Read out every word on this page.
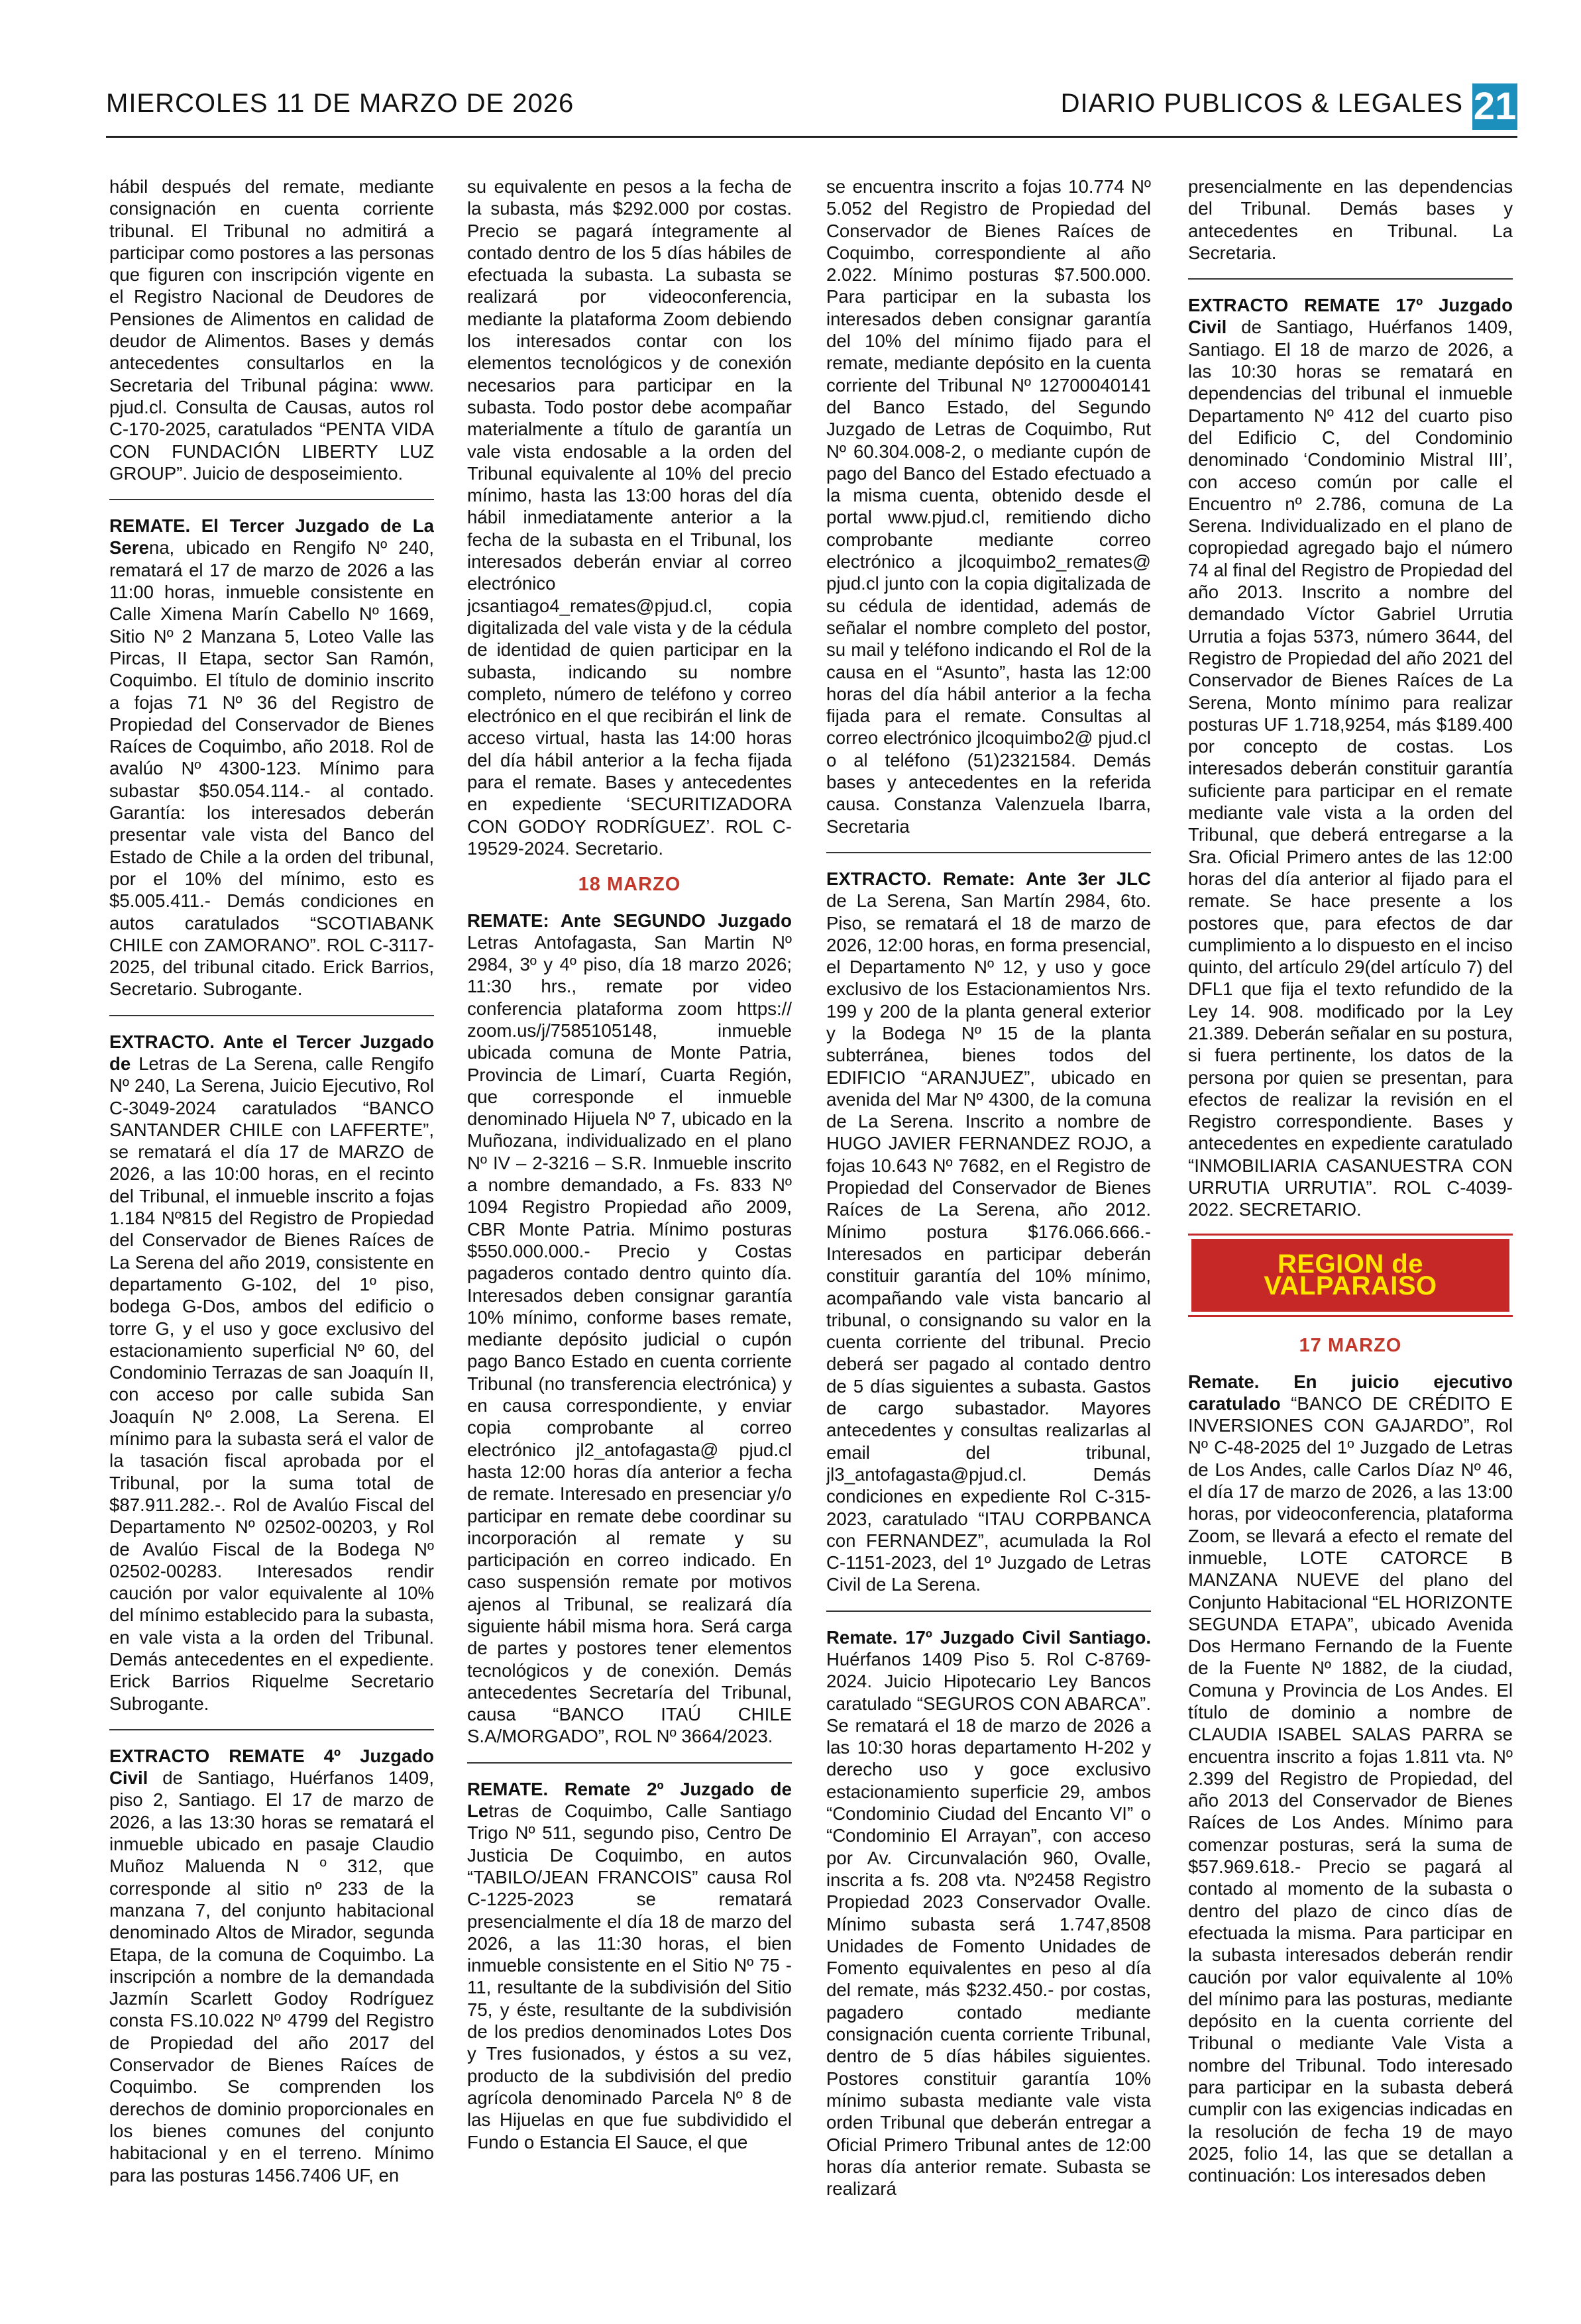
MIERCOLES 11 DE MARZO DE 2026	DIARIO PUBLICOS & LEGALES 21

hábil después del remate, mediante consignación en cuenta corriente tribunal. El Tribunal no admitirá a participar como postores a las personas que figuren con inscripción vigente en el Registro Nacional de Deudores de Pensiones de Alimentos en calidad de deudor de Alimentos. Bases y demás antecedentes consultarlos en la Secretaria del Tribunal página: www. pjud.cl. Consulta de Causas, autos rol C-170-2025, caratulados “PENTA VIDA CON FUNDACIÓN LIBERTY LUZ GROUP”. Juicio de desposeimiento.

REMATE. El Tercer Juzgado de La Serena, ubicado en Rengifo Nº 240, rematará el 17 de marzo de 2026 a las 11:00 horas, inmueble consistente en Calle Ximena Marín Cabello Nº 1669, Sitio Nº 2 Manzana 5, Loteo Valle las Pircas, II Etapa, sector San Ramón, Coquimbo. El título de dominio inscrito a fojas 71 Nº 36 del Registro de Propiedad del Conservador de Bienes Raíces de Coquimbo, año 2018. Rol de avalúo Nº 4300-123. Mínimo para subastar $50.054.114.- al contado. Garantía: los interesados deberán presentar vale vista del Banco del Estado de Chile a la orden del tribunal, por el 10% del mínimo, esto es $5.005.411.- Demás condiciones en autos caratulados “SCOTIABANK CHILE con ZAMORANO”. ROL C-3117-2025, del tribunal citado. Erick Barrios, Secretario. Subrogante.

EXTRACTO. Ante el Tercer Juzgado de Letras de La Serena, calle Rengifo Nº 240, La Serena, Juicio Ejecutivo, Rol C-3049-2024 caratulados “BANCO SANTANDER CHILE con LAFFERTE”, se rematará el día 17 de MARZO de 2026, a las 10:00 horas, en el recinto del Tribunal, el inmueble inscrito a fojas 1.184 Nº815 del Registro de Propiedad del Conservador de Bienes Raíces de La Serena del año 2019, consistente en departamento G-102, del 1º piso, bodega G-Dos, ambos del edificio o torre G, y el uso y goce exclusivo del estacionamiento superficial Nº 60, del Condominio Terrazas de san Joaquín II, con acceso por calle subida San Joaquín Nº 2.008, La Serena. El mínimo para la subasta será el valor de la tasación fiscal aprobada por el Tribunal, por la suma total de $87.911.282.-. Rol de Avalúo Fiscal del Departamento Nº 02502-00203, y Rol de Avalúo Fiscal de la Bodega Nº 02502-00283. Interesados rendir caución por valor equivalente al 10% del mínimo establecido para la subasta, en vale vista a la orden del Tribunal. Demás antecedentes en el expediente. Erick Barrios Riquelme Secretario Subrogante.

EXTRACTO REMATE 4º Juzgado Civil de Santiago, Huérfanos 1409, piso 2, Santiago. El 17 de marzo de 2026, a las 13:30 horas se rematará el inmueble ubicado en pasaje Claudio Muñoz Maluenda N º 312, que corresponde al sitio nº 233 de la manzana 7, del conjunto habitacional denominado Altos de Mirador, segunda Etapa, de la comuna de Coquimbo. La inscripción a nombre de la demandada Jazmín Scarlett Godoy Rodríguez consta FS.10.022 Nº 4799 del Registro de Propiedad del año 2017 del Conservador de Bienes Raíces de Coquimbo. Se comprenden los derechos de dominio proporcionales en los bienes comunes del conjunto habitacional y en el terreno. Mínimo para las posturas 1456.7406 UF, en

su equivalente en pesos a la fecha de la subasta, más $292.000 por costas. Precio se pagará íntegramente al contado dentro de los 5 días hábiles de efectuada la subasta. La subasta se realizará por videoconferencia, mediante la plataforma Zoom debiendo los interesados contar con los elementos tecnológicos y de conexión necesarios para participar en la subasta. Todo postor debe acompañar materialmente a título de garantía un vale vista endosable a la orden del Tribunal equivalente al 10% del precio mínimo, hasta las 13:00 horas del día hábil inmediatamente anterior a la fecha de la subasta en el Tribunal, los interesados deberán enviar al correo electrónico jcsantiago4_remates@pjud.cl, copia digitalizada del vale vista y de la cédula de identidad de quien participar en la subasta, indicando su nombre completo, número de teléfono y correo electrónico en el que recibirán el link de acceso virtual, hasta las 14:00 horas del día hábil anterior a la fecha fijada para el remate. Bases y antecedentes en expediente ‘SECURITIZADORA CON GODOY RODRÍGUEZ’. ROL C-19529-2024. Secretario.

18 MARZO

REMATE: Ante SEGUNDO Juzgado Letras Antofagasta, San Martin Nº 2984, 3º y 4º piso, día 18 marzo 2026; 11:30 hrs., remate por video conferencia plataforma zoom https:// zoom.us/j/7585105148, inmueble ubicada comuna de Monte Patria, Provincia de Limarí, Cuarta Región, que corresponde el inmueble denominado Hijuela Nº 7, ubicado en la Muñozana, individualizado en el plano Nº IV – 2-3216 – S.R. Inmueble inscrito a nombre demandado, a Fs. 833 Nº 1094 Registro Propiedad año 2009, CBR Monte Patria. Mínimo posturas $550.000.000.- Precio y Costas pagaderos contado dentro quinto día. Interesados deben consignar garantía 10% mínimo, conforme bases remate, mediante depósito judicial o cupón pago Banco Estado en cuenta corriente Tribunal (no transferencia electrónica) y en causa correspondiente, y enviar copia comprobante al correo electrónico jl2_antofagasta@ pjud.cl hasta 12:00 horas día anterior a fecha de remate. Interesado en presenciar y/o participar en remate debe coordinar su incorporación al remate y su participación en correo indicado. En caso suspensión remate por motivos ajenos al Tribunal, se realizará día siguiente hábil misma hora. Será carga de partes y postores tener elementos tecnológicos y de conexión. Demás antecedentes Secretaría del Tribunal, causa “BANCO ITAÚ CHILE S.A/MORGADO”, ROL Nº 3664/2023.

REMATE. Remate 2º Juzgado de Letras de Coquimbo, Calle Santiago Trigo Nº 511, segundo piso, Centro De Justicia De Coquimbo, en autos “TABILO/JEAN FRANCOIS” causa Rol C-1225-2023 se rematará presencialmente el día 18 de marzo del 2026, a las 11:30 horas, el bien inmueble consistente en el Sitio Nº 75 - 11, resultante de la subdivisión del Sitio 75, y éste, resultante de la subdivisión de los predios denominados Lotes Dos y Tres fusionados, y éstos a su vez, producto de la subdivisión del predio agrícola denominado Parcela Nº 8 de las Hijuelas en que fue subdividido el Fundo o Estancia El Sauce, el que

se encuentra inscrito a fojas 10.774 Nº 5.052 del Registro de Propiedad del Conservador de Bienes Raíces de Coquimbo, correspondiente al año 2.022. Mínimo posturas $7.500.000. Para participar en la subasta los interesados deben consignar garantía del 10% del mínimo fijado para el remate, mediante depósito en la cuenta corriente del Tribunal Nº 12700040141 del Banco Estado, del Segundo Juzgado de Letras de Coquimbo, Rut Nº 60.304.008-2, o mediante cupón de pago del Banco del Estado efectuado a la misma cuenta, obtenido desde el portal www.pjud.cl, remitiendo dicho comprobante mediante correo electrónico a jlcoquimbo2_remates@ pjud.cl junto con la copia digitalizada de su cédula de identidad, además de señalar el nombre completo del postor, su mail y teléfono indicando el Rol de la causa en el “Asunto”, hasta las 12:00 horas del día hábil anterior a la fecha fijada para el remate. Consultas al correo electrónico jlcoquimbo2@ pjud.cl o al teléfono (51)2321584. Demás bases y antecedentes en la referida causa. Constanza Valenzuela Ibarra, Secretaria

EXTRACTO. Remate: Ante 3er JLC de La Serena, San Martín 2984, 6to. Piso, se rematará el 18 de marzo de 2026, 12:00 horas, en forma presencial, el Departamento Nº 12, y uso y goce exclusivo de los Estacionamientos Nrs. 199 y 200 de la planta general exterior y la Bodega Nº 15 de la planta subterránea, bienes todos del EDIFICIO “ARANJUEZ”, ubicado en avenida del Mar Nº 4300, de la comuna de La Serena. Inscrito a nombre de HUGO JAVIER FERNANDEZ ROJO, a fojas 10.643 Nº 7682, en el Registro de Propiedad del Conservador de Bienes Raíces de La Serena, año 2012. Mínimo postura $176.066.666.- Interesados en participar deberán constituir garantía del 10% mínimo, acompañando vale vista bancario al tribunal, o consignando su valor en la cuenta corriente del tribunal. Precio deberá ser pagado al contado dentro de 5 días siguientes a subasta. Gastos de cargo subastador. Mayores antecedentes y consultas realizarlas al email del tribunal, jl3_antofagasta@pjud.cl. Demás condiciones en expediente Rol C-315-2023, caratulado “ITAU CORPBANCA con FERNANDEZ”, acumulada la Rol C-1151-2023, del 1º Juzgado de Letras Civil de La Serena.

Remate. 17º Juzgado Civil Santiago. Huérfanos 1409 Piso 5. Rol C-8769-2024. Juicio Hipotecario Ley Bancos caratulado “SEGUROS CON ABARCA”. Se rematará el 18 de marzo de 2026 a las 10:30 horas departamento H-202 y derecho uso y goce exclusivo estacionamiento superficie 29, ambos “Condominio Ciudad del Encanto VI” o “Condominio El Arrayan”, con acceso por Av. Circunvalación 960, Ovalle, inscrita a fs. 208 vta. Nº2458 Registro Propiedad 2023 Conservador Ovalle. Mínimo subasta será 1.747,8508 Unidades de Fomento Unidades de Fomento equivalentes en peso al día del remate, más $232.450.- por costas, pagadero contado mediante consignación cuenta corriente Tribunal, dentro de 5 días hábiles siguientes. Postores constituir garantía 10% mínimo subasta mediante vale vista orden Tribunal que deberán entregar a Oficial Primero Tribunal antes de 12:00 horas día anterior remate. Subasta se realizará

presencialmente en las dependencias del Tribunal. Demás bases y antecedentes en Tribunal. La Secretaria.

EXTRACTO REMATE 17º Juzgado Civil de Santiago, Huérfanos 1409, Santiago. El 18 de marzo de 2026, a las 10:30 horas se rematará en dependencias del tribunal el inmueble Departamento Nº 412 del cuarto piso del Edificio C, del Condominio denominado ‘Condominio Mistral III’, con acceso común por calle el Encuentro nº 2.786, comuna de La Serena. Individualizado en el plano de copropiedad agregado bajo el número 74 al final del Registro de Propiedad del año 2013. Inscrito a nombre del demandado Víctor Gabriel Urrutia Urrutia a fojas 5373, número 3644, del Registro de Propiedad del año 2021 del Conservador de Bienes Raíces de La Serena, Monto mínimo para realizar posturas UF 1.718,9254, más $189.400 por concepto de costas. Los interesados deberán constituir garantía suficiente para participar en el remate mediante vale vista a la orden del Tribunal, que deberá entregarse a la Sra. Oficial Primero antes de las 12:00 horas del día anterior al fijado para el remate. Se hace presente a los postores que, para efectos de dar cumplimiento a lo dispuesto en el inciso quinto, del artículo 29(del artículo 7) del DFL1 que fija el texto refundido de la Ley 14. 908. modificado por la Ley 21.389. Deberán señalar en su postura, si fuera pertinente, los datos de la persona por quien se presentan, para efectos de realizar la revisión en el Registro correspondiente. Bases y antecedentes en expediente caratulado “INMOBILIARIA CASANUESTRA CON URRUTIA URRUTIA”. ROL C-4039-2022. SECRETARIO.

REGION de VALPARAISO
17 MARZO

Remate. En juicio ejecutivo caratulado “BANCO DE CRÉDITO E INVERSIONES CON GAJARDO”, Rol Nº C-48-2025 del 1º Juzgado de Letras de Los Andes, calle Carlos Díaz Nº 46, el día 17 de marzo de 2026, a las 13:00 horas, por videoconferencia, plataforma Zoom, se llevará a efecto el remate del inmueble, LOTE CATORCE B MANZANA NUEVE del plano del Conjunto Habitacional “EL HORIZONTE SEGUNDA ETAPA”, ubicado Avenida Dos Hermano Fernando de la Fuente de la Fuente Nº 1882, de la ciudad, Comuna y Provincia de Los Andes. El título de dominio a nombre de CLAUDIA ISABEL SALAS PARRA se encuentra inscrito a fojas 1.811 vta. Nº 2.399 del Registro de Propiedad, del año 2013 del Conservador de Bienes Raíces de Los Andes. Mínimo para comenzar posturas, será la suma de $57.969.618.- Precio se pagará al contado al momento de la subasta o dentro del plazo de cinco días de efectuada la misma. Para participar en la subasta interesados deberán rendir caución por valor equivalente al 10% del mínimo para las posturas, mediante depósito en la cuenta corriente del Tribunal o mediante Vale Vista a nombre del Tribunal. Todo interesado para participar en la subasta deberá cumplir con las exigencias indicadas en la resolución de fecha 19 de mayo 2025, folio 14, las que se detallan a continuación: Los interesados deben
